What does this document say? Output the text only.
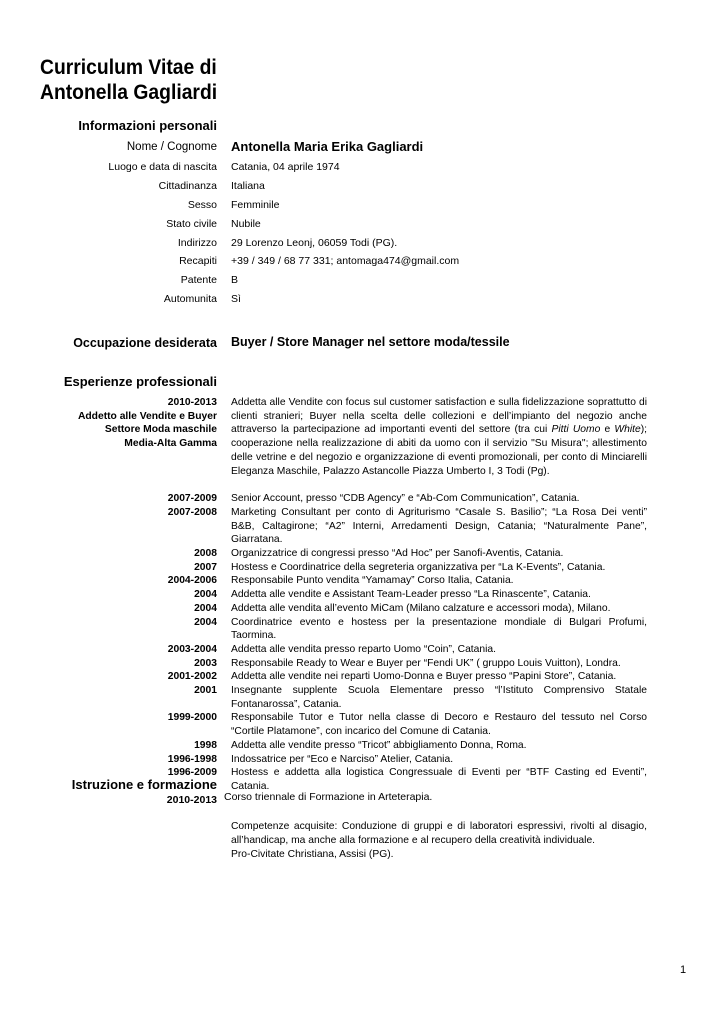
Curriculum Vitae di
Antonella Gagliardi
Informazioni personali
Nome / Cognome Antonella Maria Erika Gagliardi
Luogo e data di nascita Catania, 04 aprile 1974
Cittadinanza Italiana
Sesso Femminile
Stato civile Nubile
Indirizzo 29 Lorenzo Leonj, 06059 Todi (PG).
Recapiti +39 / 349 / 68 77 331; antomaga474@gmail.com
Patente B
Automunita Sì
Occupazione desiderata Buyer / Store Manager nel settore moda/tessile
Esperienze professionali
2010-2013
Addetto alle Vendite e Buyer
Settore Moda maschile
Media-Alta Gamma
Addetta alle Vendite con focus sul customer satisfaction e sulla fidelizzazione soprattutto di clienti stranieri; Buyer nella scelta delle collezioni e dell’impianto del negozio anche attraverso la partecipazione ad importanti eventi del settore (tra cui Pitti Uomo e White); cooperazione nella realizzazione di abiti da uomo con il servizio "Su Misura"; allestimento delle vetrine e del negozio e organizzazione di eventi promozionali, per conto di Minciarelli Eleganza Maschile, Palazzo Astancolle Piazza Umberto I, 3 Todi (Pg).
2007-2009 Senior Account, presso “CDB Agency” e “Ab-Com Communication”, Catania.
2007-2008 Marketing Consultant per conto di Agriturismo “Casale S. Basilio”; “La Rosa Dei venti” B&B, Caltagirone; “A2” Interni, Arredamenti Design, Catania; “Naturalmente Pane”, Giarratana.
2008 Organizzatrice di congressi presso “Ad Hoc” per Sanofi-Aventis, Catania.
2007 Hostess e Coordinatrice della segreteria organizzativa per “La K-Events”, Catania.
2004-2006 Responsabile Punto vendita “Yamamay” Corso Italia, Catania.
2004 Addetta alle vendite e Assistant Team-Leader presso “La Rinascente”, Catania.
2004 Addetta alle vendita all’evento MiCam (Milano calzature e accessori moda), Milano.
2004 Coordinatrice evento e hostess per la presentazione mondiale di Bulgari Profumi, Taormina.
2003-2004 Addetta alle vendita presso reparto Uomo “Coin”, Catania.
2003 Responsabile Ready to Wear e Buyer per “Fendi UK” ( gruppo Louis Vuitton), Londra.
2001-2002 Addetta alle vendite nei reparti Uomo-Donna e Buyer presso “Papini Store”, Catania.
2001 Insegnante supplente Scuola Elementare presso “l’Istituto Comprensivo Statale Fontanarossa”, Catania.
1999-2000 Responsabile Tutor e Tutor nella classe di Decoro e Restauro del tessuto nel Corso “Cortile Platamone”, con incarico del Comune di Catania.
1998 Addetta alle vendite presso “Tricot” abbigliamento Donna, Roma.
1996-1998 Indossatrice per “Eco e Narciso” Atelier, Catania.
1996-2009 Hostess e addetta alla logistica Congressuale di Eventi per “BTF Casting ed Eventi”, Catania.
Istruzione e formazione
2010-2013 Corso triennale di Formazione in Arteterapia.
Competenze acquisite: Conduzione di gruppi e di laboratori espressivi, rivolti al disagio, all’handicap, ma anche alla formazione e al recupero della creatività individuale.
Pro-Civitate Christiana, Assisi (PG).
1
